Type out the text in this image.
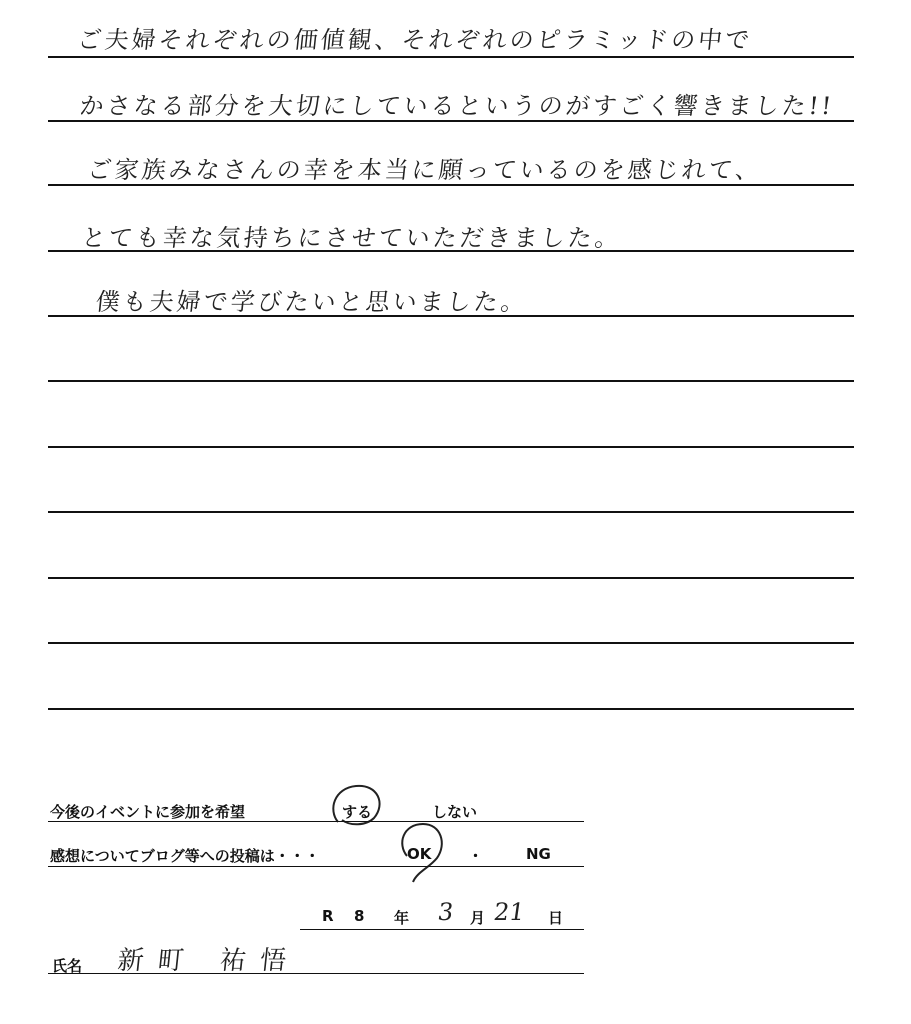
ご夫婦それぞれの価値観、それぞれのピラミッドの中で
かさなる部分を大切にしているというのがすごく響きました!!
ご家族みなさんの幸を本当に願っているのを感じれて、
とても幸な気持ちにさせていただきました。
僕も夫婦で学びたいと思いました。
今後のイベントに参加を希望	する	しない
感想についてブログ等への投稿は・・・	OK ・	NG
R 8 年 3 月 21 日
氏名 新町 祐悟
